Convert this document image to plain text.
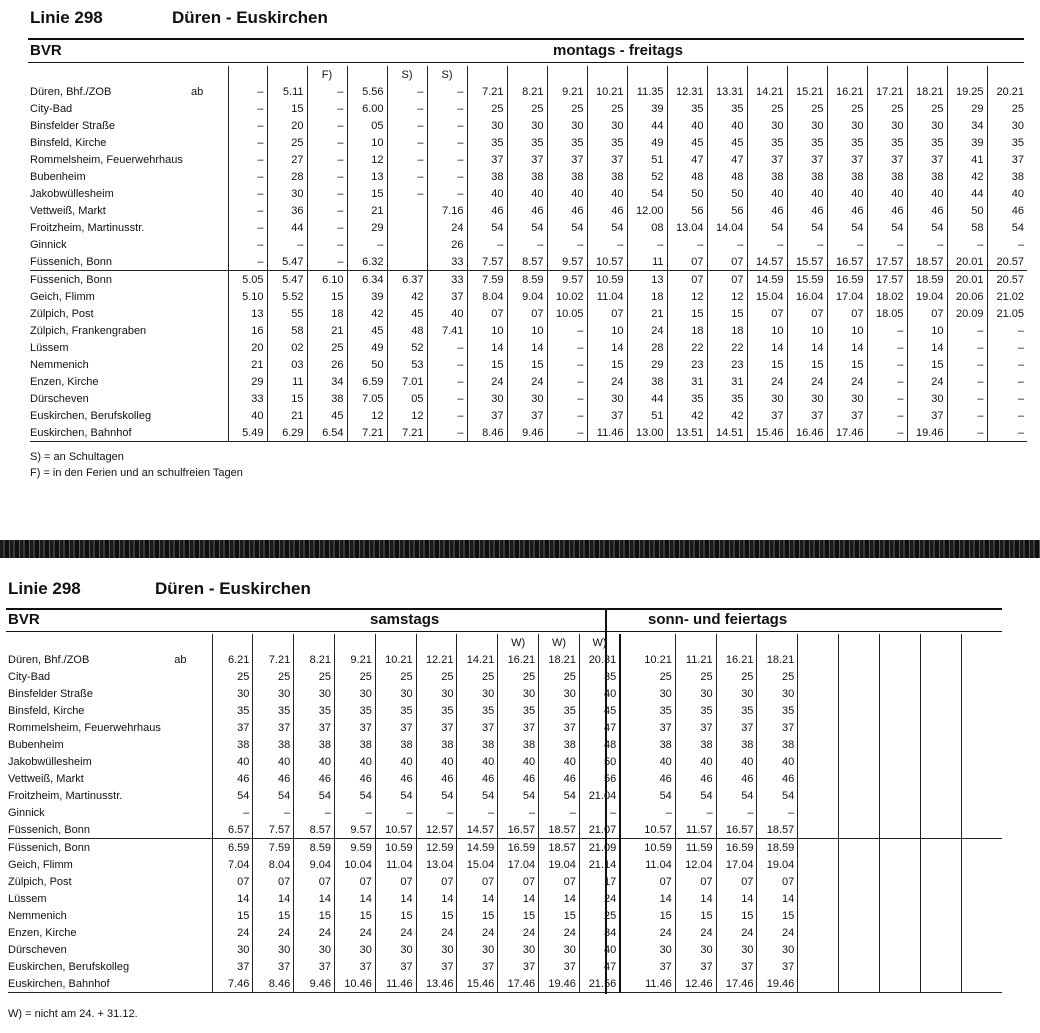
Linie 298	Düren - Euskirchen
BVR	montags - freitags
				F)		S)	S)														
Düren, Bhf./ZOB	ab	–	5.11	–	5.56	–	–	7.21	8.21	9.21	10.21	11.35	12.31	13.31	14.21	15.21	16.21	17.21	18.21	19.25	20.21
City-Bad		–	15	–	6.00	–	–	25	25	25	25	39	35	35	25	25	25	25	25	29	25
Binsfelder Straße		–	20	–	05	–	–	30	30	30	30	44	40	40	30	30	30	30	30	34	30
Binsfeld, Kirche		–	25	–	10	–	–	35	35	35	35	49	45	45	35	35	35	35	35	39	35
Rommelsheim, Feuerwehrhaus		–	27	–	12	–	–	37	37	37	37	51	47	47	37	37	37	37	37	41	37
Bubenheim		–	28	–	13	–	–	38	38	38	38	52	48	48	38	38	38	38	38	42	38
Jakobwüllesheim		–	30	–	15	–	–	40	40	40	40	54	50	50	40	40	40	40	40	44	40
Vettweiß, Markt		–	36	–	21		7.16	46	46	46	46	12.00	56	56	46	46	46	46	46	50	46
Froitzheim, Martinusstr.		–	44	–	29		24	54	54	54	54	08	13.04	14.04	54	54	54	54	54	58	54
Ginnick		–	–	–	–		26	–	–	–	–	–	–	–	–	–	–	–	–	–	–
Füssenich, Bonn		–	5.47	–	6.32		33	7.57	8.57	9.57	10.57	11	07	07	14.57	15.57	16.57	17.57	18.57	20.01	20.57
Füssenich, Bonn		5.05	5.47	6.10	6.34	6.37	33	7.59	8.59	9.57	10.59	13	07	07	14.59	15.59	16.59	17.57	18.59	20.01	20.57
Geich, Flimm		5.10	5.52	15	39	42	37	8.04	9.04	10.02	11.04	18	12	12	15.04	16.04	17.04	18.02	19.04	20.06	21.02
Zülpich, Post		13	55	18	42	45	40	07	07	10.05	07	21	15	15	07	07	07	18.05	07	20.09	21.05
Zülpich, Frankengraben		16	58	21	45	48	7.41	10	10	–	10	24	18	18	10	10	10	–	10	–	–
Lüssem		20	02	25	49	52	–	14	14	–	14	28	22	22	14	14	14	–	14	–	–
Nemmenich		21	03	26	50	53	–	15	15	–	15	29	23	23	15	15	15	–	15	–	–
Enzen, Kirche		29	11	34	6.59	7.01	–	24	24	–	24	38	31	31	24	24	24	–	24	–	–
Dürscheven		33	15	38	7.05	05	–	30	30	–	30	44	35	35	30	30	30	–	30	–	–
Euskirchen, Berufskolleg		40	21	45	12	12	–	37	37	–	37	51	42	42	37	37	37	–	37	–	–
Euskirchen, Bahnhof		5.49	6.29	6.54	7.21	7.21	–	8.46	9.46	–	11.46	13.00	13.51	14.51	15.46	16.46	17.46	–	19.46	–	–
S) = an Schultagen
F) = in den Ferien und an schulfreien Tagen
Linie 298	Düren - Euskirchen
BVR	samstags	sonn- und feiertags
									W)	W)	W)									
Düren, Bhf./ZOB	ab	6.21	7.21	8.21	9.21	10.21	12.21	14.21	16.21	18.21	20.31	10.21	11.21	16.21	18.21					
City-Bad		25	25	25	25	25	25	25	25	25	35	25	25	25	25					
Binsfelder Straße		30	30	30	30	30	30	30	30	30	40	30	30	30	30					
Binsfeld, Kirche		35	35	35	35	35	35	35	35	35	45	35	35	35	35					
Rommelsheim, Feuerwehrhaus		37	37	37	37	37	37	37	37	37	47	37	37	37	37					
Bubenheim		38	38	38	38	38	38	38	38	38	48	38	38	38	38					
Jakobwüllesheim		40	40	40	40	40	40	40	40	40	50	40	40	40	40					
Vettweiß, Markt		46	46	46	46	46	46	46	46	46	56	46	46	46	46					
Froitzheim, Martinusstr.		54	54	54	54	54	54	54	54	54	21.04	54	54	54	54					
Ginnick		–	–	–	–	–	–	–	–	–	–	–	–	–	–					
Füssenich, Bonn		6.57	7.57	8.57	9.57	10.57	12.57	14.57	16.57	18.57	21.07	10.57	11.57	16.57	18.57					
Füssenich, Bonn		6.59	7.59	8.59	9.59	10.59	12.59	14.59	16.59	18.57	21.09	10.59	11.59	16.59	18.59					
Geich, Flimm		7.04	8.04	9.04	10.04	11.04	13.04	15.04	17.04	19.04	21.14	11.04	12.04	17.04	19.04					
Zülpich, Post		07	07	07	07	07	07	07	07	07	17	07	07	07	07					
Lüssem		14	14	14	14	14	14	14	14	14	24	14	14	14	14					
Nemmenich		15	15	15	15	15	15	15	15	15	25	15	15	15	15					
Enzen, Kirche		24	24	24	24	24	24	24	24	24	34	24	24	24	24					
Dürscheven		30	30	30	30	30	30	30	30	30	40	30	30	30	30					
Euskirchen, Berufskolleg		37	37	37	37	37	37	37	37	37	47	37	37	37	37					
Euskirchen, Bahnhof		7.46	8.46	9.46	10.46	11.46	13.46	15.46	17.46	19.46	21.56	11.46	12.46	17.46	19.46					
W) = nicht am 24. + 31.12.
